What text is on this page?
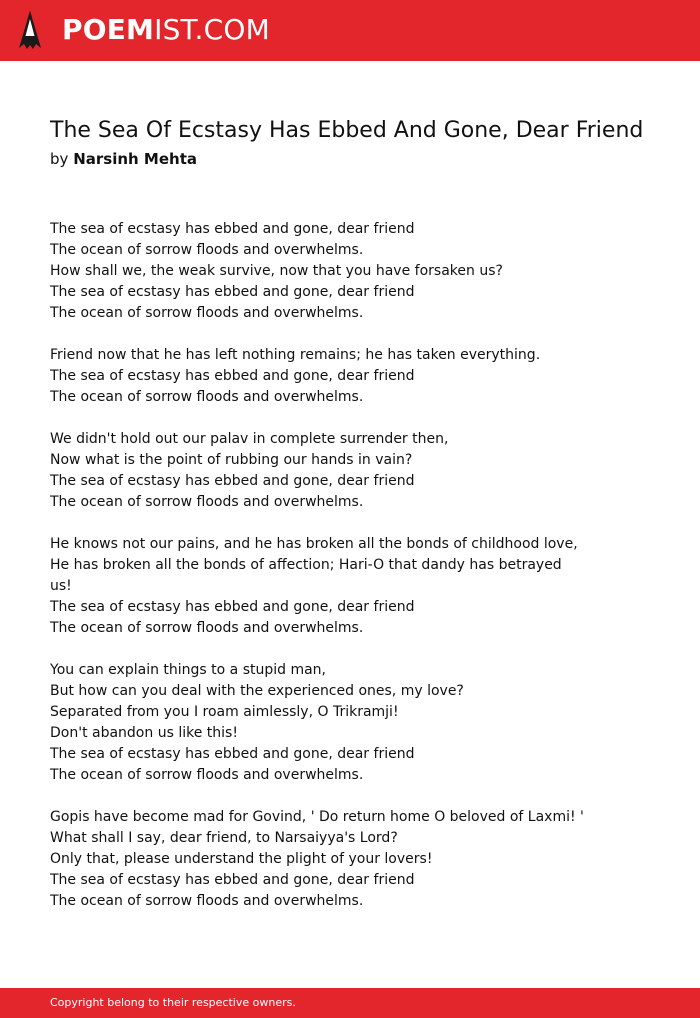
POEMIST.COM
The Sea Of Ecstasy Has Ebbed And Gone, Dear Friend
by Narsinh Mehta
The sea of ecstasy has ebbed and gone, dear friend
The ocean of sorrow floods and overwhelms.
How shall we, the weak survive, now that you have forsaken us?
The sea of ecstasy has ebbed and gone, dear friend
The ocean of sorrow floods and overwhelms.
Friend now that he has left nothing remains; he has taken everything.
The sea of ecstasy has ebbed and gone, dear friend
The ocean of sorrow floods and overwhelms.
We didn't hold out our palav in complete surrender then,
Now what is the point of rubbing our hands in vain?
The sea of ecstasy has ebbed and gone, dear friend
The ocean of sorrow floods and overwhelms.
He knows not our pains, and he has broken all the bonds of childhood love,
He has broken all the bonds of affection; Hari-O that dandy has betrayed
us!
The sea of ecstasy has ebbed and gone, dear friend
The ocean of sorrow floods and overwhelms.
You can explain things to a stupid man,
But how can you deal with the experienced ones, my love?
Separated from you I roam aimlessly, O Trikramji!
Don't abandon us like this!
The sea of ecstasy has ebbed and gone, dear friend
The ocean of sorrow floods and overwhelms.
Gopis have become mad for Govind, ' Do return home O beloved of Laxmi! '
What shall I say, dear friend, to Narsaiyya's Lord?
Only that, please understand the plight of your lovers!
The sea of ecstasy has ebbed and gone, dear friend
The ocean of sorrow floods and overwhelms.
Copyright belong to their respective owners.
